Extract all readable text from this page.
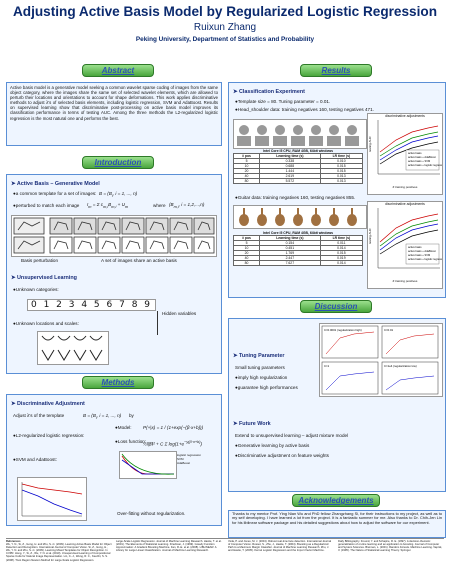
Adjusting Active Basis Model by Regularized Logistic Regression
Ruixun Zhang
Peking University, Department of Statistics and Probability
Abstract
Active basis model is a generative model seeking a common wavelet sparse coding of images from the same object category, where the images share the same set of selected wavelet elements, which are allowed to perturb their locations and orientations to account for shape deformations. This work applies discriminative methods to adjust λ's of selected basis elements, including logistic regression, SVM and AdaBoost. Results on supervised learning show that discriminative post-processing on active basis model improves its classification performance in terms of testing AUC. Among the three methods the L2-regularized logistic regression is the most natural one and performs the best.
Introduction
➤ Active Basis – Generative Model
●a common template for a set of images: $B = (B_i$, i = 1, ..., n)
●perturbed to match each image $I_m = \Sigma$ $c_{m,i}B_{m,i} + U_m$	where ($B_{m,i}$, i = 1,2,...,n)
Basis perturbation	A set of images share an active basis
➤ Unsupervised Learning
●Unknown categories:
0 1 2 3 4 5 6 7 8 9
●Unknown locations and scales:
Hidden variables
Methods
➤ Discriminative Adjustment
Adjust λ's of the template	$B = (B_i$, i = 1, ..., n) by
●Model: P(+|x) = 1 / (1+exp(−(β·x+b)))
●L2-regularized logistic regression:
●Loss function:
½‖β‖² + C Σ $\log(1+e^{-y(\beta\cdot x+b)})$
●SVM and AdaBoost:
logistic regression
SVM
AdaBoost
Over-fitting without regularization.
Results
➤ Classification Experiment
●Template size = 80. Tuning parameter = 0.01.
●Head_shoulder data: training negatives 160, testing negatives 471.
Intel Core i5 CPU, RAM 4GB, 64bit windows
# pos	Learning time (s)	LR time (s)
5	0.338	0.010
10	0.688	0.015
20	1.444	0.015
40	2.619	0.013
80	5.572	0.013
discriminative adjustments
active basis
active basis + AdaBoost
active basis + SVM
active basis + logistic regression
testing AUC
# training positives
●Guitar data: training negatives 160, testing negatives 855.
Intel Core i5 CPU, RAM 4GB, 64bit windows
# pos	Learning time (s)	LR time (s)
5	0.154	0.011
10	0.451	0.014
20	1.769	0.015
40	2.447	0.019
80	7.627	0.014
discriminative adjustments
active basis
active basis + AdaBoost
active basis + SVM
active basis + logistic regression
testing AUC
# training positives
Discussion
C=0.0001 (regularization high)	C=0.01
C=1	C=1e4 (regularization low)
➤ Tuning Parameter
Small tuning parameters
●imply high regularization
●guarantee high performances
➤ Future Work
Extend to unsupervised learning – adjust mixture model
●Generative learning by active basis
●Discriminative adjustment on feature weights
Acknowledgements
Thanks to my mentor Prof. Ying Nian Wu and PhD fellow Zhangzhang Si, for their instructions to my project, as well as to my self developing. I have learned a lot from the project. It is a fantastic summer for me. Also thanks to Dr. Chih-Jen Lin for his liblinear software package and his detailed suggestions about how to adjust the software for our experiment.
References
Wu, Y. N., Si, Z., Gong, H. and Zhu, S.-C. (2009). Learning Active Basis Model for Object Detection and Recognition. International Journal of Computer Vision. Si, Z., Gong, H., Wu, Y. N. and Zhu, S.-C. (2009). Learning Mixed Templates for Object Recognition. In CVPR. Hong, Y., Si, Z., Wu, Y. N. et al. (2010). Unsupervised Learning of Compositional Sparse Code for Natural Image Representation. Lin, C.-J., Weng, R. C., Keerthi, S. S. (2008). Trust Region Newton Method for Large-Scale Logistic Regression.
Large-Scale Logistic Regression. Journal of Machine Learning Research. Hastie, T. et al. (2001). The Elements of Statistical Learning. Friedman, J. (1999). Greedy Function Approximation: A Gradient Boosting Machine. Fan, R.-E. et al. (2008). LIBLINEAR: A Library for Large Linear Classification. Journal of Machine Learning Research.
Viola, P. and Jones, M. J. (2004). Robust real-time face detection. International Journal of Computer Vision. Rosset, S., Zhu, J., Hastie, T. (2004). Boosting as a Regularized Path to a Maximum Margin Classifier. Journal of Machine Learning Research. Zhu, J. and Hastie, T. (2005). Kernel Logistic Regression and the Import Vector Machine.
Daily Bibliography. Freund, Y. and Schapire, R. E. (1997). A decision-theoretic generalization of on-line learning and an application to boosting. Journal of Computer and System Sciences. Breiman, L. (2001). Random Forests. Machine Learning. Vapnik, V. (1995). The Nature of Statistical Learning Theory. Springer.
